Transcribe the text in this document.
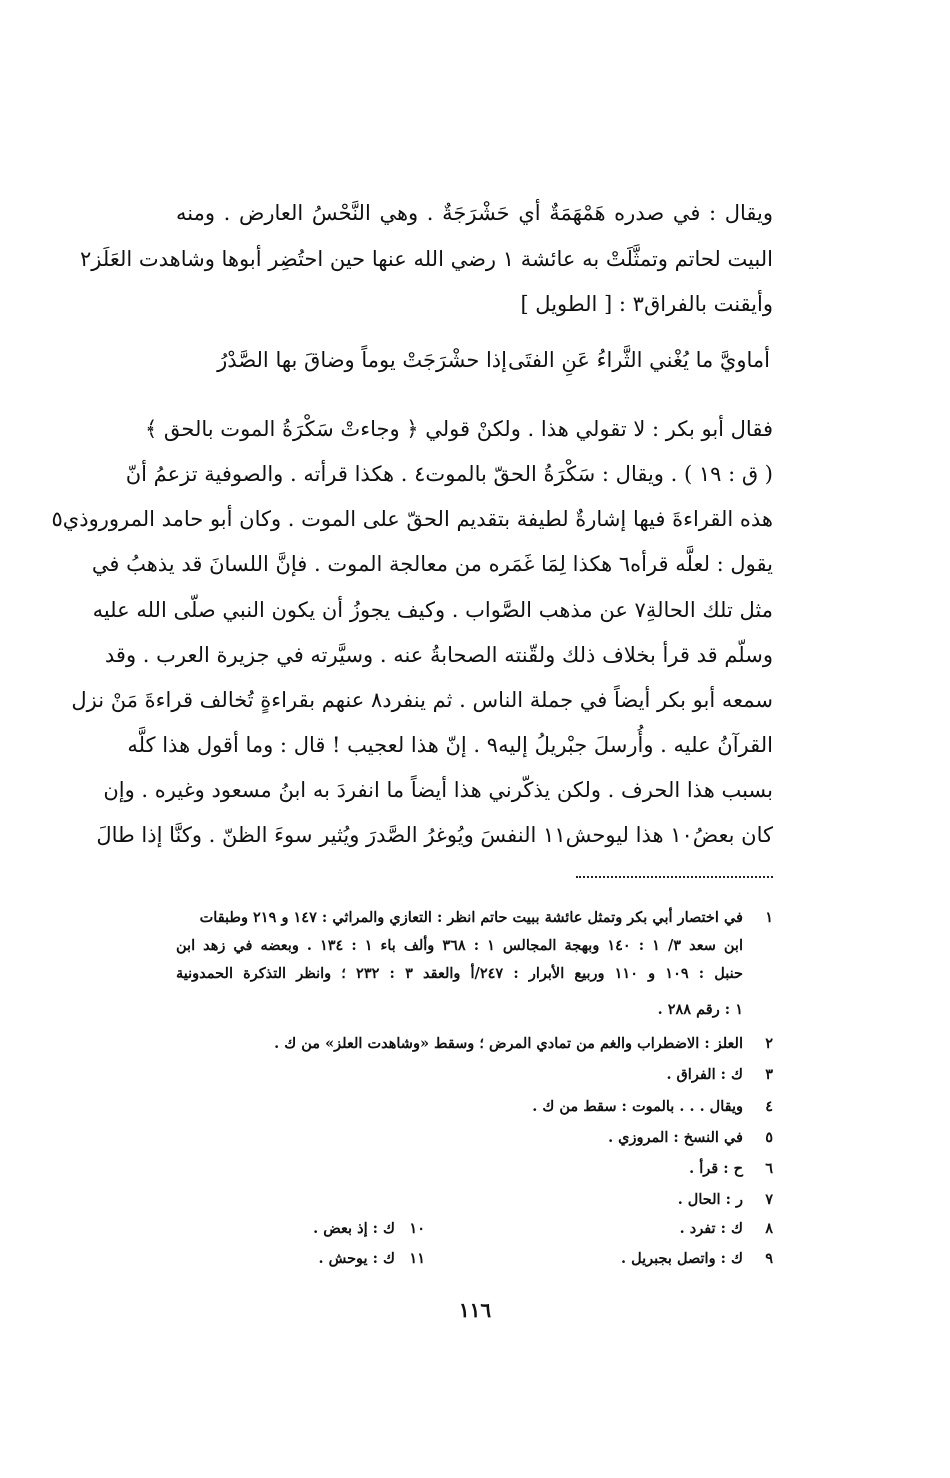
ويقال : في صدره هَمْهَمَةٌ أي حَشْرَجَةٌ . وهي النَّحْسُ العارض . ومنه
البيت لحاتم وتمثَّلَتْ به عائشة ١ رضي الله عنها حين احتُضِر أبوها وشاهدت العَلَز٢
وأيقنت بالفراق٣ : [ الطويل ]
أماويَّ ما يُغْني الثَّراءُ عَنِ الفتَى
إذا حشْرَجَتْ يوماً وضاقَ بها الصَّدْرُ
فقال أبو بكر : لا تقولي هذا . ولكنْ قولي ﴿ وجاءتْ سَكْرَةُ الموت بالحق ﴾
( ق : ١٩ ) . ويقال : سَكْرَةُ الحقّ بالموت٤ . هكذا قرأته . والصوفية تزعمُ أنّ
هذه القراءةَ فيها إشارةٌ لطيفة بتقديم الحقّ على الموت . وكان أبو حامد المروروذي٥
يقول : لعلَّه قرأه٦ هكذا لِمَا غَمَره من معالجة الموت . فإنَّ اللسانَ قد يذهبُ في
مثل تلك الحالةِ٧ عن مذهب الصَّواب . وكيف يجوزُ أن يكون النبي صلّى الله عليه
وسلّم قد قرأ بخلاف ذلك ولقّنته الصحابةُ عنه . وسيَّرته في جزيرة العرب . وقد
سمعه أبو بكر أيضاً في جملة الناس . ثم ينفرد٨ عنهم بقراءةٍ تُخالف قراءةَ مَنْ نزل
القرآنُ عليه . وأُرسلَ جبْريلُ إليه٩ . إنّ هذا لعجيب ! قال : وما أقول هذا كلَّه
بسبب هذا الحرف . ولكن يذكّرني هذا أيضاً ما انفردَ به ابنُ مسعود وغيره . وإن
كان بعضُ١٠ هذا ليوحش١١ النفسَ ويُوغرُ الصَّدرَ ويُثير سوءَ الظنّ . وكنَّا إذا طالَ
١في اختصار أبي بكر وتمثل عائشة ببيت حاتم انظر : التعازي والمراثي : ١٤٧ و ٢١٩ وطبقات
ابن سعد ٣/ ١ : ١٤٠ وبهجة المجالس ١ : ٣٦٨ وألف باء ١ : ١٣٤ . وبعضه في زهد ابن
حنبل : ١٠٩ و ١١٠ وربيع الأبرار : ٢٤٧/أ والعقد ٣ : ٢٣٢ ؛ وانظر التذكرة الحمدونية
١ : رقم ٢٨٨ .
٢العلز : الاضطراب والغم من تمادي المرض ؛ وسقط «وشاهدت العلز» من ك .
٣ك : الفراق .
٤ويقال . . . بالموت : سقط من ك .
٥في النسخ : المروزي .
٦ح : قرأ .
٧ر : الحال .
٨ك : تفرد .
٩ك : واتصل بجبريل .
١٠ك : إذ بعض .
١١ك : يوحش .
١١٦
